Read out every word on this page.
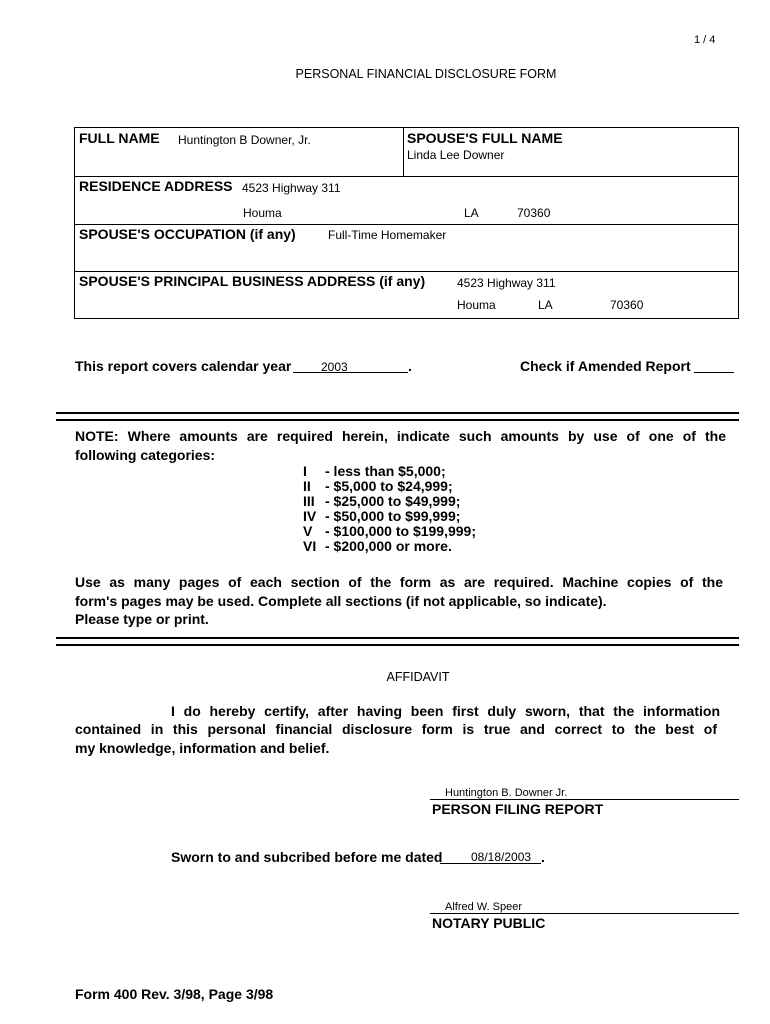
1 / 4
PERSONAL FINANCIAL DISCLOSURE FORM
FULL NAME Huntington B Downer, Jr.	SPOUSE'S FULL NAME
Linda Lee Downer
RESIDENCE ADDRESS 4523 Highway 311
Houma	LA	70360
SPOUSE'S OCCUPATION (if any)	Full-Time Homemaker
SPOUSE'S PRINCIPAL BUSINESS ADDRESS (if any)	4523 Highway 311
Houma	LA	70360
This report covers calendar year 2003	.	Check if Amended Report
NOTE: Where amounts are required herein, indicate such amounts by use of one of the
following categories:
I - less than $5,000;
II - $5,000 to $24,999;
III - $25,000 to $49,999;
IV - $50,000 to $99,999;
V - $100,000 to $199,999;
VI - $200,000 or more.
Use as many pages of each section of the form as are required. Machine copies of the
form's pages may be used. Complete all sections (if not applicable, so indicate).
Please type or print.
AFFIDAVIT
I do hereby certify, after having been first duly sworn, that the information
contained in this personal financial disclosure form is true and correct to the best of
my knowledge, information and belief.
Huntington B. Downer Jr.
PERSON FILING REPORT
Sworn to and subcribed before me dated 08/18/2003 .
Alfred W. Speer
NOTARY PUBLIC
Form 400 Rev. 3/98, Page 3/98
